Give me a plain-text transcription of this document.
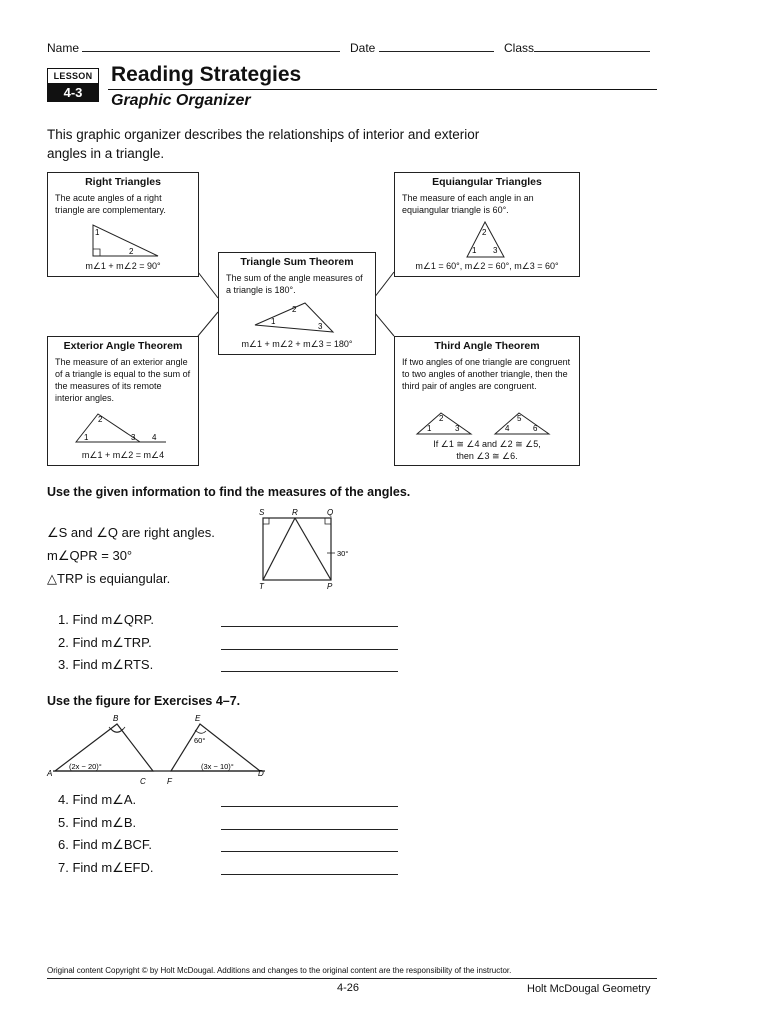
Name	Date	Class
LESSON
4-3
Reading Strategies
Graphic Organizer
This graphic organizer describes the relationships of interior and exterior angles in a triangle.
Right Triangles
The acute angles of a right triangle are complementary.
1
2
m∠1 + m∠2 = 90°
Equiangular Triangles
The measure of each angle in an equiangular triangle is 60°.
2
1 3
m∠1 = 60°, m∠2 = 60°, m∠3 = 60°
Triangle Sum Theorem
The sum of the angle measures of a triangle is 180°.
2
1
3
m∠1 + m∠2 + m∠3 = 180°
Exterior Angle Theorem
The measure of an exterior angle of a triangle is equal to the sum of the measures of its remote interior angles.
2
1	3 4
m∠1 + m∠2 = m∠4
Third Angle Theorem
If two angles of one triangle are congruent to two angles of another triangle, then the third pair of angles are congruent.
2
1	3
5
4	6
If ∠1 ≅ ∠4 and ∠2 ≅ ∠5,
then ∠3 ≅ ∠6.
Use the given information to find the measures of the angles.
∠S and ∠Q are right angles.
m∠QPR = 30°
△TRP is equiangular.
S	R	Q
T	P
30°
1. Find m∠QRP.
2. Find m∠TRP.
3. Find m∠RTS.
Use the figure for Exercises 4–7.
A
B
C	F
E
D
(2x − 20)°	(3x − 10)°
60°
4. Find m∠A.
5. Find m∠B.
6. Find m∠BCF.
7. Find m∠EFD.
Original content Copyright © by Holt McDougal. Additions and changes to the original content are the responsibility of the instructor.
4-26	Holt McDougal Geometry
